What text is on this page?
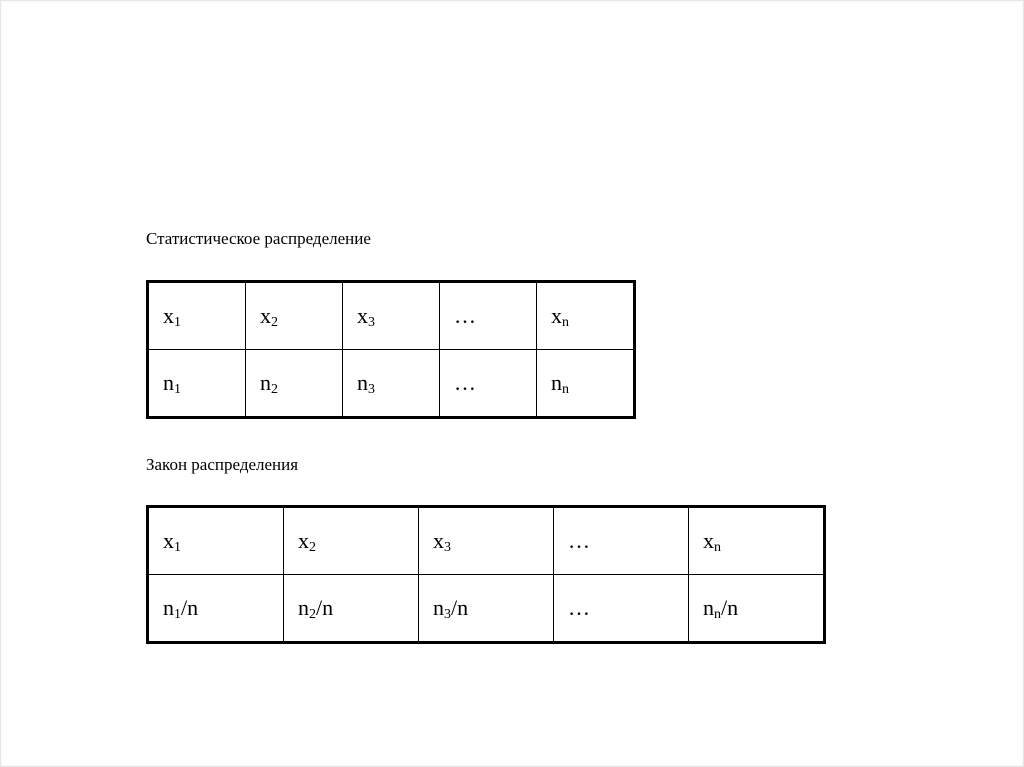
Статистическое распределение
$x_1$	$x_2$	$x_3$	…	$x_n$
$n_1$	$n_2$	$n_3$	…	$n_n$
Закон распределения
$x_1$	$x_2$	$x_3$	…	$x_n$
$n_1/n$	$n_2/n$	$n_3/n$	…	$n_n/n$
